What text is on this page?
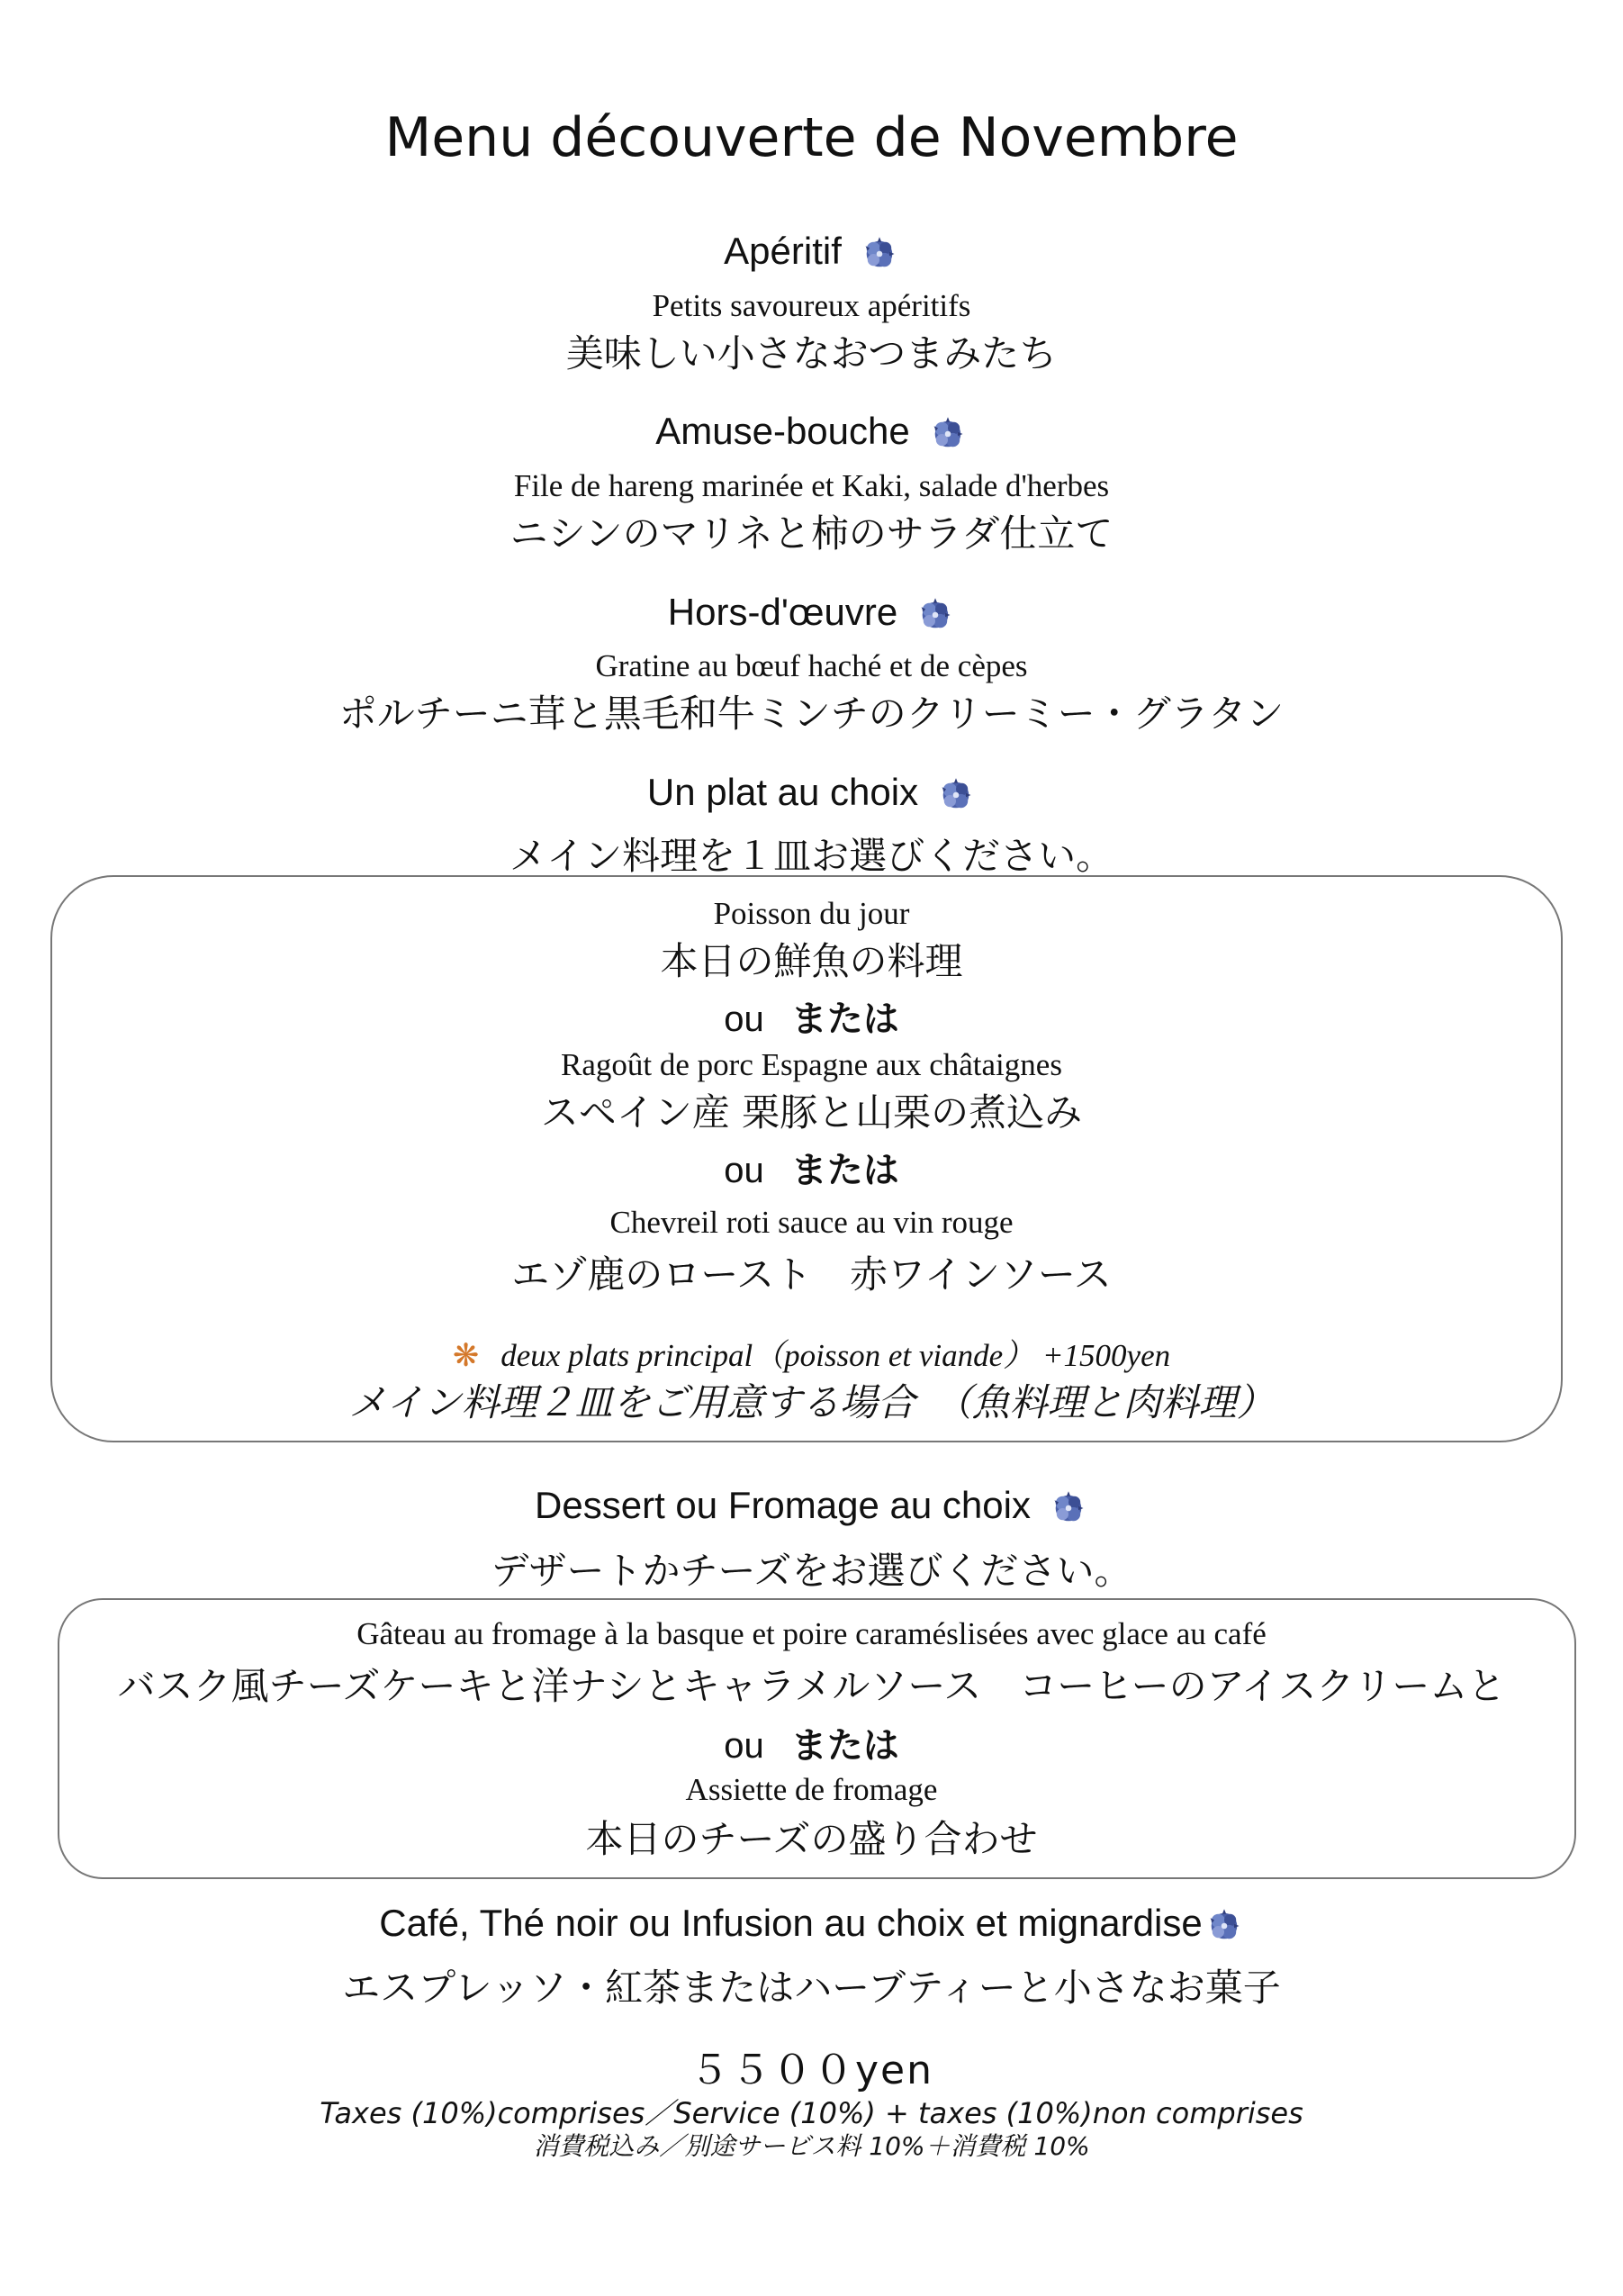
Menu découverte de Novembre
Apéritif
Petits savoureux apéritifs
美味しい小さなおつまみたち
Amuse-bouche
File de hareng marinée et Kaki, salade d'herbes
ニシンのマリネと柿のサラダ仕立て
Hors-d'œuvre
Gratine au bœuf haché et de cèpes
ポルチーニ茸と黒毛和牛ミンチのクリーミー・グラタン
Un plat au choix
メイン料理を１皿お選びください。
Poisson du jour
本日の鮮魚の料理
ou または
Ragoût de porc Espagne aux châtaignes
スペイン産 栗豚と山栗の煮込み
ou または
Chevreil roti sauce au vin rouge
エゾ鹿のロースト　赤ワインソース
❋ deux plats principal（poisson et viande） +1500yen
メイン料理２皿をご用意する場合　（魚料理と肉料理）
Dessert ou Fromage au choix
デザートかチーズをお選びください。
Gâteau au fromage à la basque et poire caraméslisées avec glace au café
バスク風チーズケーキと洋ナシとキャラメルソース　コーヒーのアイスクリームと
ou または
Assiette de fromage
本日のチーズの盛り合わせ
Café, Thé noir ou Infusion au choix et mignardise
エスプレッソ・紅茶またはハーブティーと小さなお菓子
５５００yen
Taxes (10%)comprises／Service (10%) + taxes (10%)non comprises
消費税込み／別途サービス料 10%＋消費税 10%
